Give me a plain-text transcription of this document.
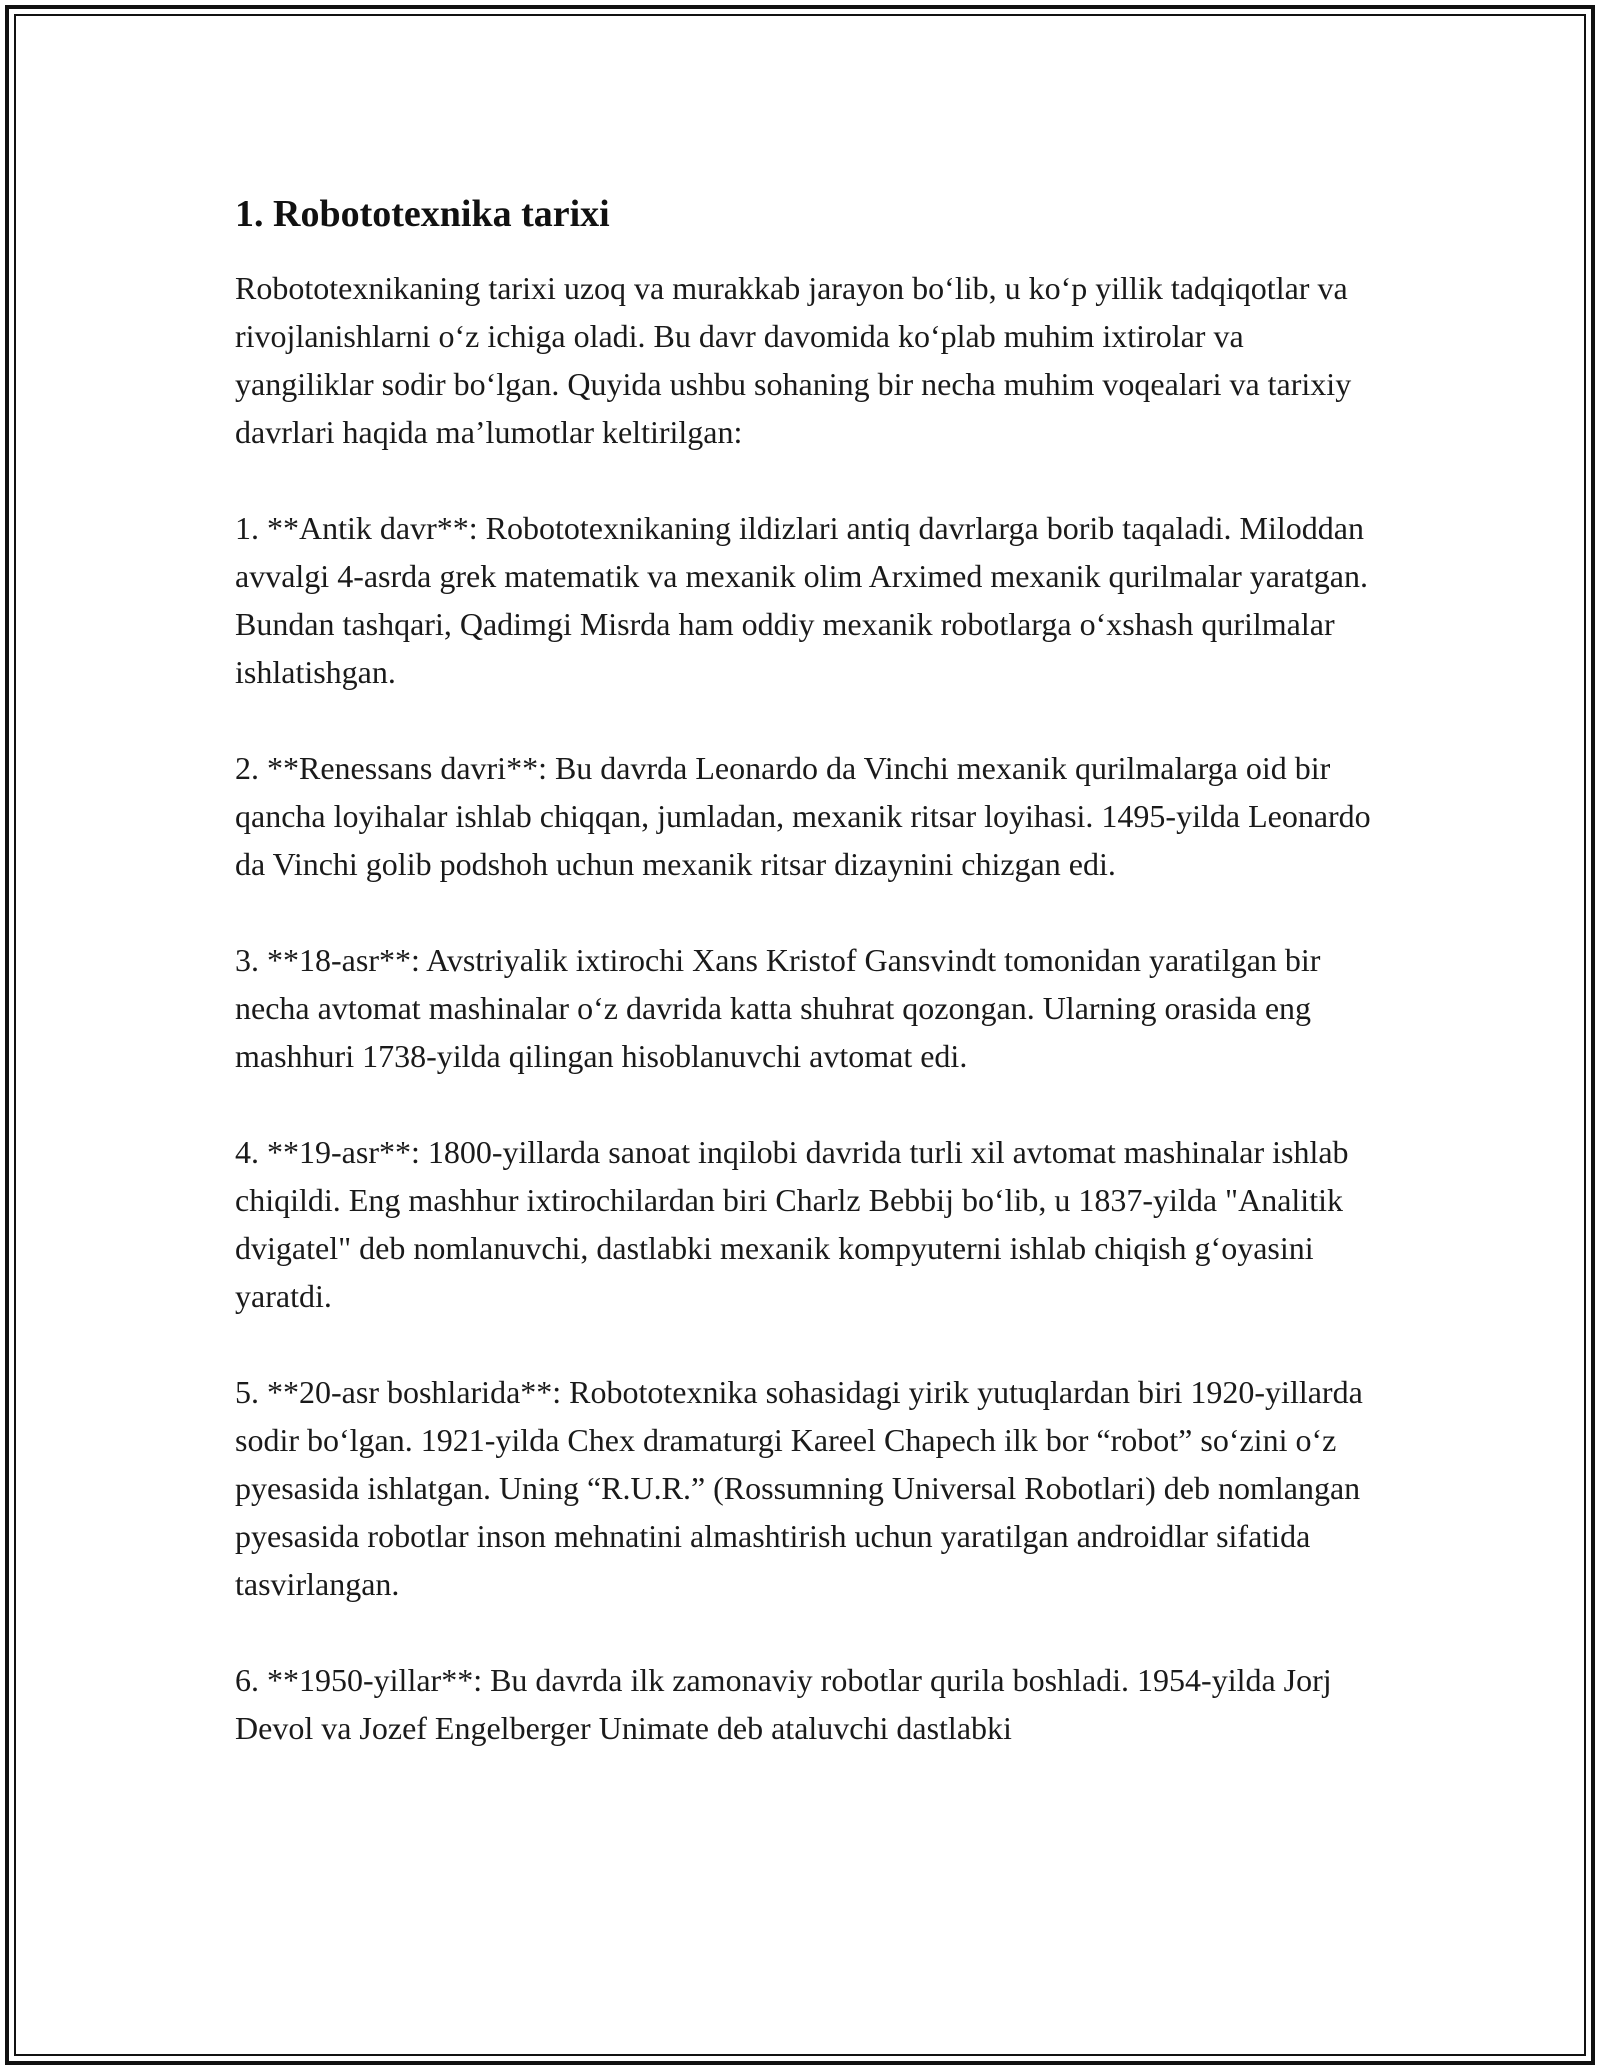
1. Robototexnika tarixi

Robototexnikaning tarixi uzoq va murakkab jarayon bo‘lib, u ko‘p yillik tadqiqotlar va rivojlanishlarni o‘z ichiga oladi. Bu davr davomida ko‘plab muhim ixtirolar va yangiliklar sodir bo‘lgan. Quyida ushbu sohaning bir necha muhim voqealari va tarixiy davrlari haqida ma’lumotlar keltirilgan:

1. **Antik davr**: Robototexnikaning ildizlari antiq davrlarga borib taqaladi. Miloddan avvalgi 4-asrda grek matematik va mexanik olim Arximed mexanik qurilmalar yaratgan. Bundan tashqari, Qadimgi Misrda ham oddiy mexanik robotlarga o‘xshash qurilmalar ishlatishgan.

2. **Renessans davri**: Bu davrda Leonardo da Vinchi mexanik qurilmalarga oid bir qancha loyihalar ishlab chiqqan, jumladan, mexanik ritsar loyihasi. 1495-yilda Leonardo da Vinchi golib podshoh uchun mexanik ritsar dizaynini chizgan edi.

3. **18-asr**: Avstriyalik ixtirochi Xans Kristof Gansvindt tomonidan yaratilgan bir necha avtomat mashinalar o‘z davrida katta shuhrat qozongan. Ularning orasida eng mashhuri 1738-yilda qilingan hisoblanuvchi avtomat edi.

4. **19-asr**: 1800-yillarda sanoat inqilobi davrida turli xil avtomat mashinalar ishlab chiqildi. Eng mashhur ixtirochilardan biri Charlz Bebbij bo‘lib, u 1837-yilda "Analitik dvigatel" deb nomlanuvchi, dastlabki mexanik kompyuterni ishlab chiqish g‘oyasini yaratdi.

5. **20-asr boshlarida**: Robototexnika sohasidagi yirik yutuqlardan biri 1920-yillarda sodir bo‘lgan. 1921-yilda Chex dramaturgi Kareel Chapech ilk bor “robot” so‘zini o‘z pyesasida ishlatgan. Uning “R.U.R.” (Rossumning Universal Robotlari) deb nomlangan pyesasida robotlar inson mehnatini almashtirish uchun yaratilgan androidlar sifatida tasvirlangan.

6. **1950-yillar**: Bu davrda ilk zamonaviy robotlar qurila boshladi. 1954-yilda Jorj Devol va Jozef Engelberger Unimate deb ataluvchi dastlabki
